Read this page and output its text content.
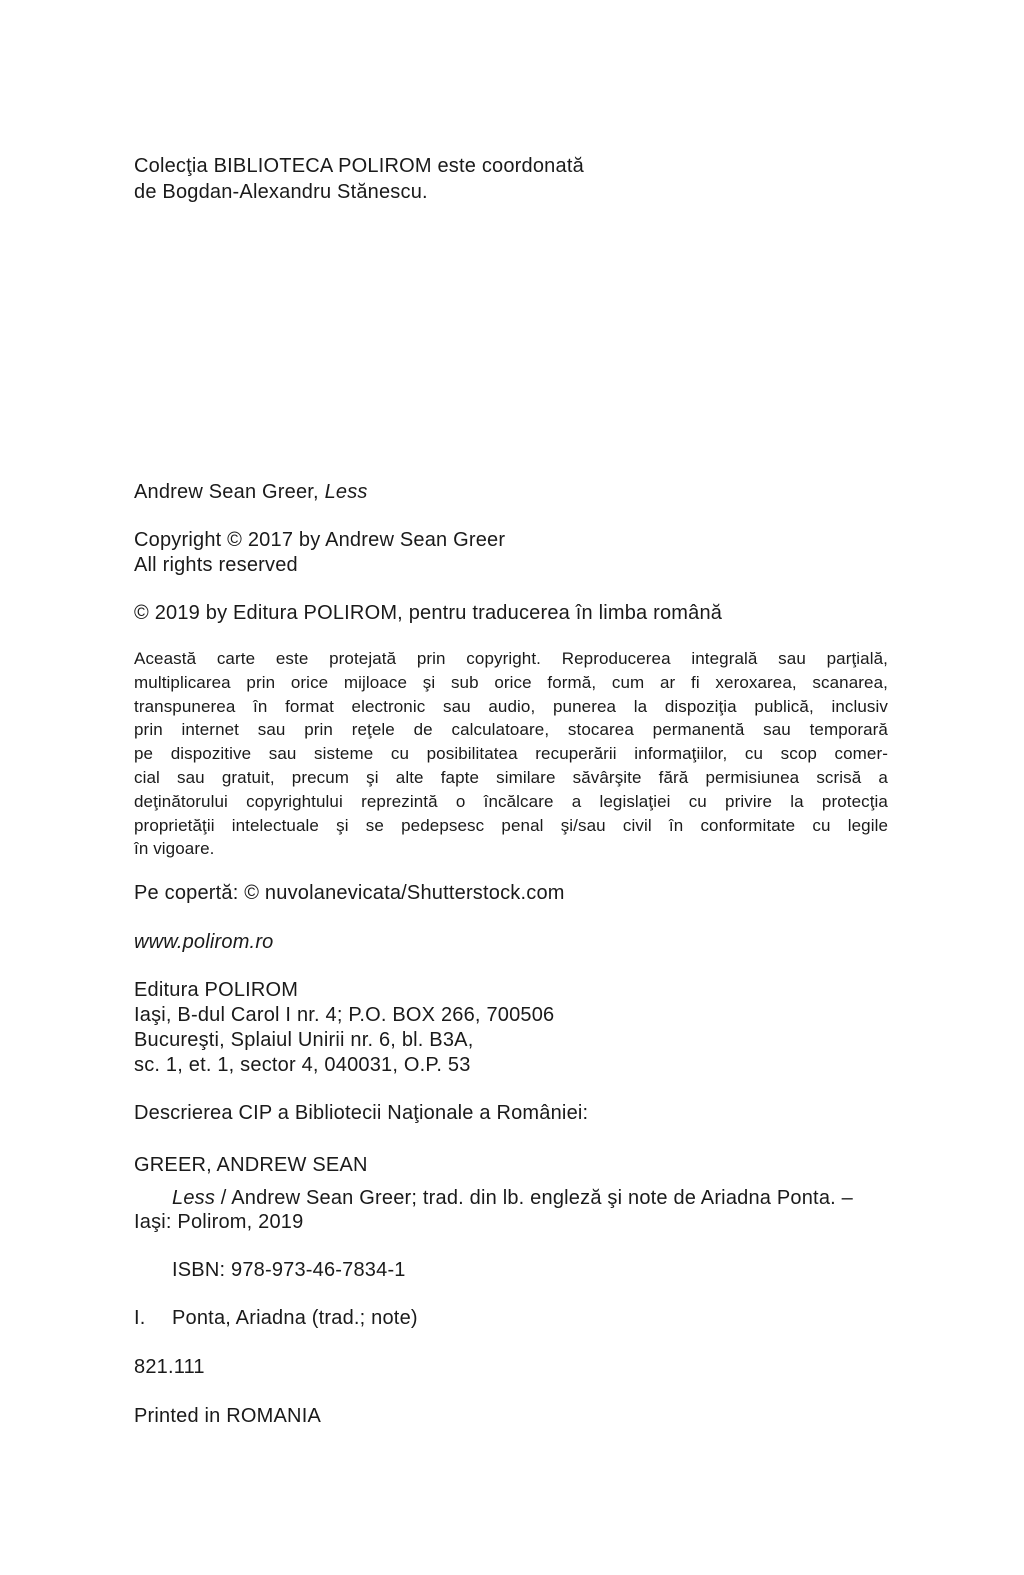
Colecţia BIBLIOTECA POLIROM este coordonată
de Bogdan-Alexandru Stănescu.
Andrew Sean Greer, Less
Copyright © 2017 by Andrew Sean Greer
All rights reserved
© 2019 by Editura POLIROM, pentru traducerea în limba română
Această carte este protejată prin copyright. Reproducerea integrală sau parţială,
multiplicarea prin orice mijloace şi sub orice formă, cum ar fi xeroxarea, scanarea,
transpunerea în format electronic sau audio, punerea la dispoziţia publică, inclusiv
prin internet sau prin reţele de calculatoare, stocarea permanentă sau temporară
pe dispozitive sau sisteme cu posibilitatea recuperării informaţiilor, cu scop comer-
cial sau gratuit, precum şi alte fapte similare săvârşite fără permisiunea scrisă a
deţinătorului copyrightului reprezintă o încălcare a legislaţiei cu privire la protecţia
proprietăţii intelectuale şi se pedepsesc penal şi/sau civil în conformitate cu legile
în vigoare.
Pe copertă: © nuvolanevicata/Shutterstock.com
www.polirom.ro
Editura POLIROM
Iaşi, B-dul Carol I nr. 4; P.O. BOX 266, 700506
Bucureşti, Splaiul Unirii nr. 6, bl. B3A,
sc. 1, et. 1, sector 4, 040031, O.P. 53
Descrierea CIP a Bibliotecii Naţionale a României:
GREER, ANDREW SEAN
Less / Andrew Sean Greer; trad. din lb. engleză şi note de Ariadna Ponta. –
Iaşi: Polirom, 2019
ISBN: 978-973-46-7834-1
I. Ponta, Ariadna (trad.; note)
821.111
Printed in ROMANIA
